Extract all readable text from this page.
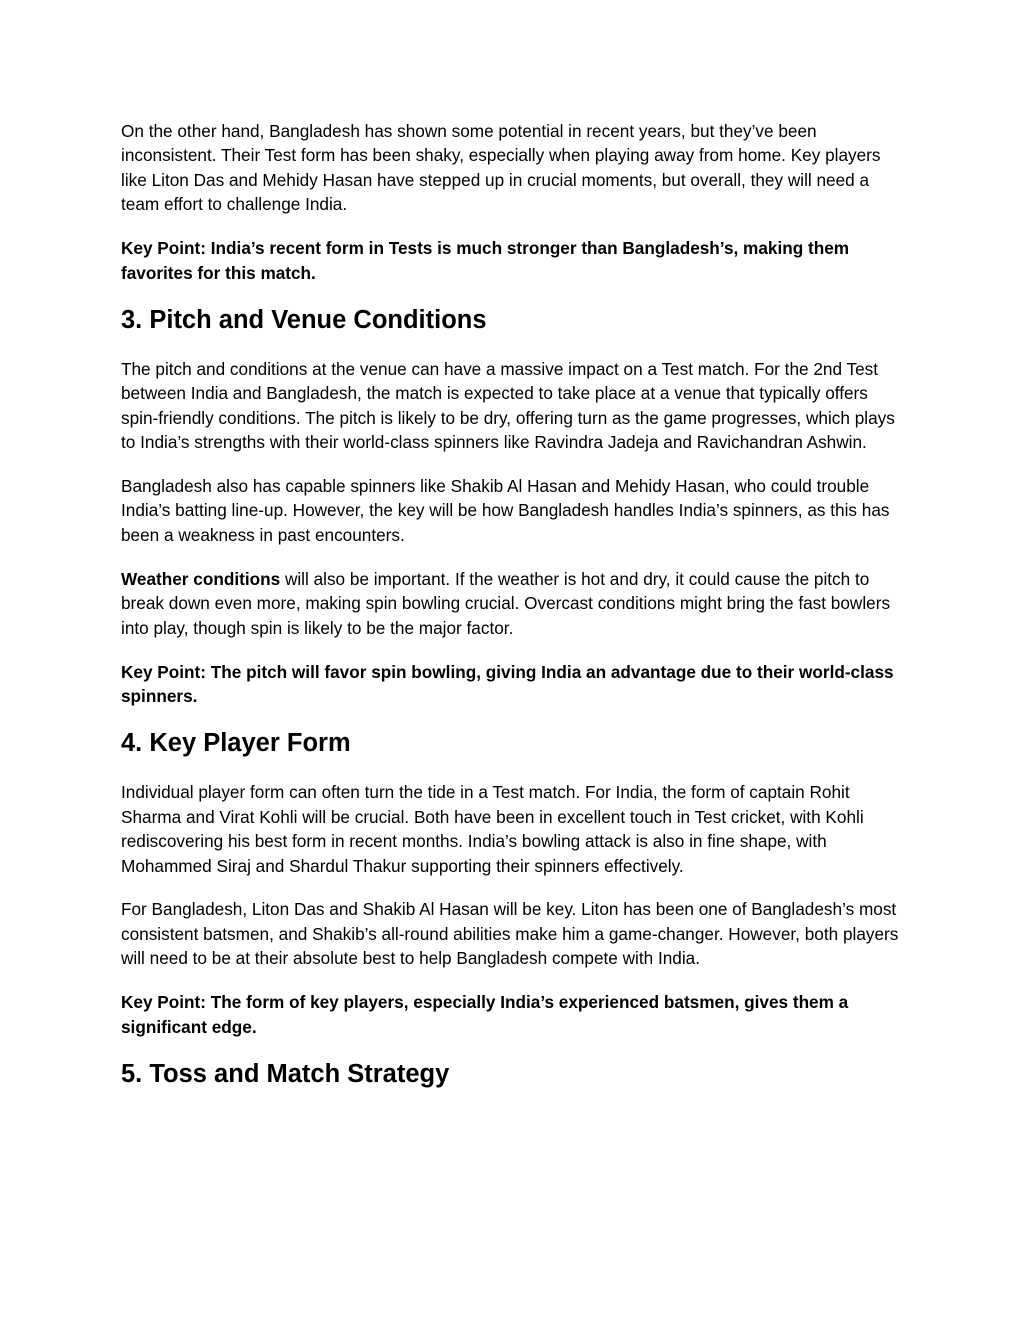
On the other hand, Bangladesh has shown some potential in recent years, but they’ve been inconsistent. Their Test form has been shaky, especially when playing away from home. Key players like Liton Das and Mehidy Hasan have stepped up in crucial moments, but overall, they will need a team effort to challenge India.

Key Point: India’s recent form in Tests is much stronger than Bangladesh’s, making them favorites for this match.

3. Pitch and Venue Conditions

The pitch and conditions at the venue can have a massive impact on a Test match. For the 2nd Test between India and Bangladesh, the match is expected to take place at a venue that typically offers spin-friendly conditions. The pitch is likely to be dry, offering turn as the game progresses, which plays to India’s strengths with their world-class spinners like Ravindra Jadeja and Ravichandran Ashwin.

Bangladesh also has capable spinners like Shakib Al Hasan and Mehidy Hasan, who could trouble India’s batting line-up. However, the key will be how Bangladesh handles India’s spinners, as this has been a weakness in past encounters.

Weather conditions will also be important. If the weather is hot and dry, it could cause the pitch to break down even more, making spin bowling crucial. Overcast conditions might bring the fast bowlers into play, though spin is likely to be the major factor.

Key Point: The pitch will favor spin bowling, giving India an advantage due to their world-class spinners.

4. Key Player Form

Individual player form can often turn the tide in a Test match. For India, the form of captain Rohit Sharma and Virat Kohli will be crucial. Both have been in excellent touch in Test cricket, with Kohli rediscovering his best form in recent months. India’s bowling attack is also in fine shape, with Mohammed Siraj and Shardul Thakur supporting their spinners effectively.

For Bangladesh, Liton Das and Shakib Al Hasan will be key. Liton has been one of Bangladesh’s most consistent batsmen, and Shakib’s all-round abilities make him a game-changer. However, both players will need to be at their absolute best to help Bangladesh compete with India.

Key Point: The form of key players, especially India’s experienced batsmen, gives them a significant edge.

5. Toss and Match Strategy
